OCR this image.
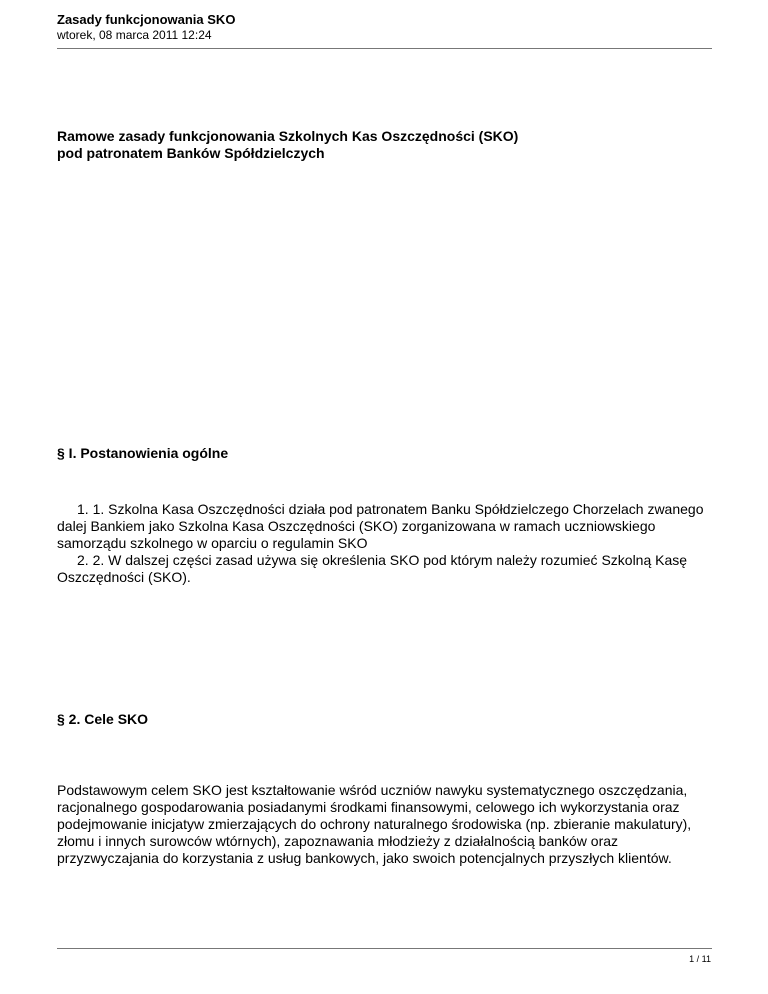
Zasady funkcjonowania SKO
wtorek, 08 marca 2011 12:24
Ramowe zasady funkcjonowania Szkolnych Kas Oszczędności (SKO)
pod patronatem Banków Spółdzielczych
§ I. Postanowienia ogólne
1. 1. Szkolna Kasa Oszczędności działa pod patronatem Banku Spółdzielczego Chorzelach zwanego dalej Bankiem jako Szkolna Kasa Oszczędności (SKO) zorganizowana w ramach uczniowskiego samorządu szkolnego w oparciu o regulamin SKO
2. 2. W dalszej części zasad używa się określenia SKO pod którym należy rozumieć Szkolną Kasę Oszczędności (SKO).
§ 2. Cele SKO
Podstawowym celem SKO jest kształtowanie wśród uczniów nawyku systematycznego oszczędzania, racjonalnego gospodarowania posiadanymi środkami finansowymi, celowego ich wykorzystania oraz podejmowanie inicjatyw zmierzających do ochrony naturalnego środowiska (np. zbieranie makulatury), złomu i innych surowców wtórnych), zapoznawania młodzieży z działalnością banków oraz przyzwyczajania do korzystania z usług bankowych, jako swoich potencjalnych przyszłych klientów.
1 / 11
